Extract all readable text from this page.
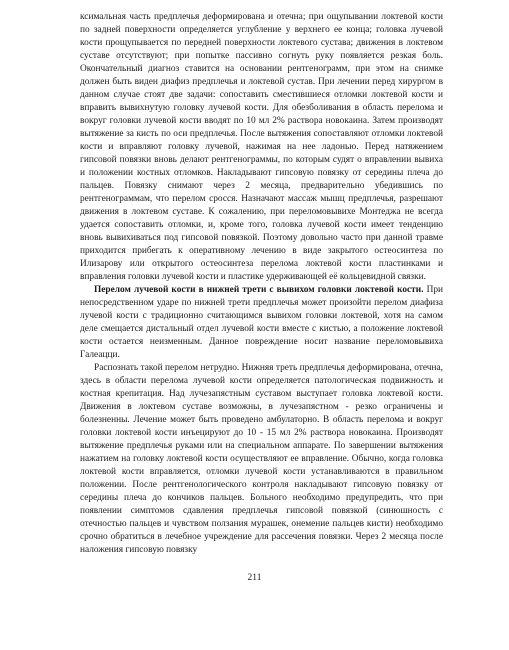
ксимальная часть предплечья деформирована и отечна; при ощупывании локтевой кости по задней поверхности определяется углубление у верхнего ее конца; головка лучевой кости прощупывается по передней поверхности локтевого сустава; движения в локтевом суставе отсутствуют; при попытке пассивно согнуть руку появляется резкая боль. Окончательный диагноз ставится на основании рентгенограмм, при этом на снимке должен быть виден диафиз предплечья и локтевой сустав. При лечении перед хирургом в данном случае стоят две задачи: сопоставить сместившиеся отломки локтевой кости и вправить вывихнутую головку лучевой кости. Для обезболивания в область перелома и вокруг головки лучевой кости вводят по 10 мл 2% раствора новокаина. Затем производят вытяжение за кисть по оси предплечья. После вытяжения сопоставляют отломки локтевой кости и вправляют головку лучевой, нажимая на нее ладонью. Перед натяжением гипсовой повязки вновь делают рентгенограммы, по которым судят о вправлении вывиха и положении костных отломков. Накладывают гипсовую повязку от середины плеча до пальцев. Повязку снимают через 2 месяца, предварительно убедившись по рентгенограммам, что перелом сросся. Назначают массаж мышц предплечья, разрешают движения в локтевом суставе. К сожалению, при переломовывихе Монтеджа не всегда удается сопоставить отломки, и, кроме того, головка лучевой кости имеет тенденцию вновь вывихиваться под гипсовой повязкой. Поэтому довольно часто при данной травме приходится прибегать к оперативному лечению в виде закрытого остеосинтеза по Илизарову или открытого остеосинтеза перелома локтевой кости пластинками и вправления головки лучевой кости и пластике удерживающей её кольцевидной связки.

Перелом лучевой кости в нижней трети с вывихом головки локтевой кости. При непосредственном ударе по нижней трети предплечья может произойти перелом диафиза лучевой кости с традиционно считающимся вывихом головки локтевой, хотя на самом деле смещается дистальный отдел лучевой кости вместе с кистью, а положение локтевой кости остается неизменным. Данное повреждение носит название переломовывиха Галеацци.

Распознать такой перелом нетрудно. Нижняя треть предплечья деформирована, отечна, здесь в области перелома лучевой кости определяется патологическая подвижность и костная крепитация. Над лучезапястным суставом выступает головка локтевой кости. Движения в локтевом суставе возможны, в лучезапястном - резко ограничены и болезненны. Лечение может быть проведено амбулаторно. В область перелома и вокруг головки локтевой кости инъецируют до 10 - 15 мл 2% раствора новокаина. Производят вытяжение предплечья руками или на специальном аппарате. По завершении вытяжения нажатием на головку локтевой кости осуществляют ее вправление. Обычно, когда головка локтевой кости вправляется, отломки лучевой кости устанавливаются в правильном положении. После рентгенологического контроля накладывают гипсовую повязку от середины плеча до кончиков пальцев. Больного необходимо предупредить, что при появлении симптомов сдавления предплечья гипсовой повязкой (синюшность с отечностью пальцев и чувством ползания мурашек, онемение пальцев кисти) необходимо срочно обратиться в лечебное учреждение для рассечения повязки. Через 2 месяца после наложения гипсовую повязку

211
